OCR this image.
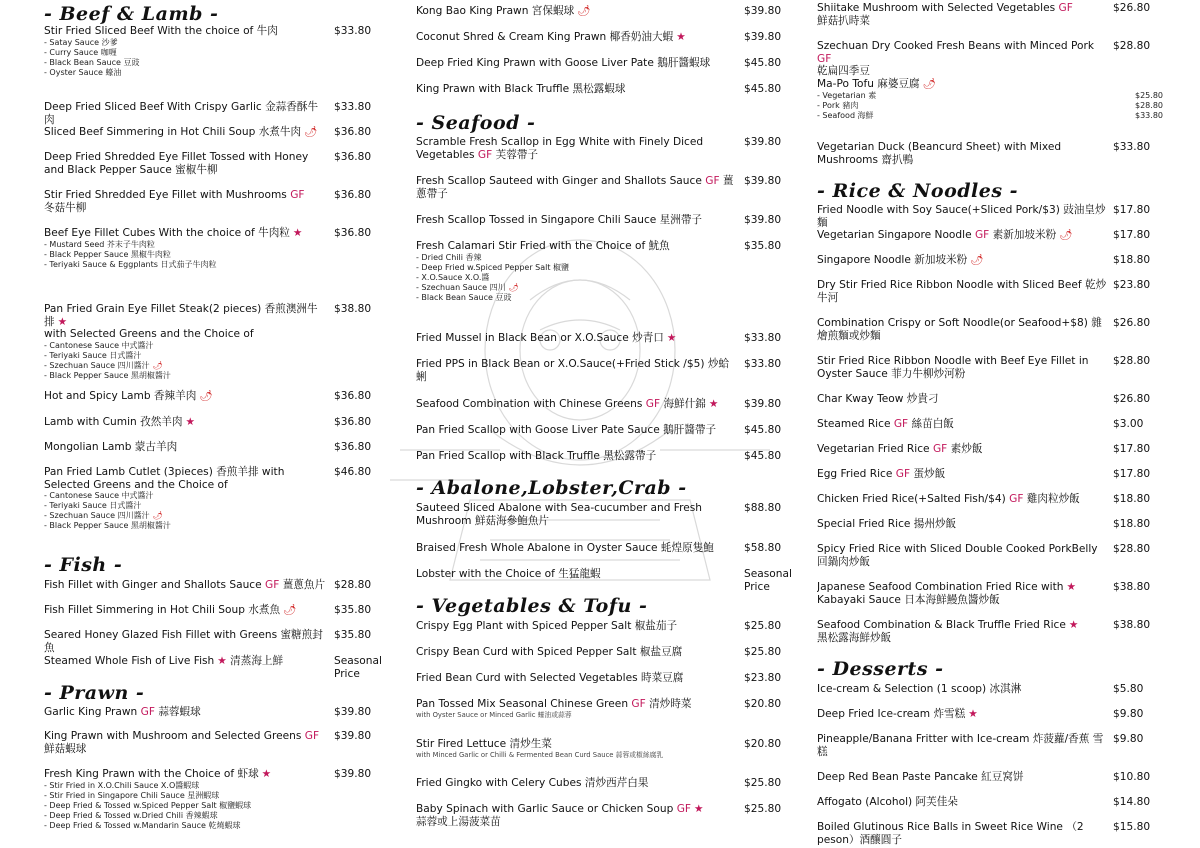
- Beef & Lamb -
Stir Fried Sliced Beef With the choice of 牛肉	$33.80
- Satay Sauce 沙爹
- Curry Sauce 咖喱
- Black Bean Sauce 豆豉
- Oyster Sauce 蠔油
Deep Fried Sliced Beef With Crispy Garlic 金蒜香酥牛肉
$33.80
Sliced Beef Simmering in Hot Chili Soup 水煮牛肉 🌶	$36.80
Deep Fried Shredded Eye Fillet Tossed with Honey and Black Pepper Sauce 蜜椒牛柳
$36.80
Stir Fried Shredded Eye Fillet with Mushrooms GF
冬菇牛柳
$36.80
Beef Eye Fillet Cubes With the choice of 牛肉粒 ★	$36.80
- Mustard Seed 芥末子牛肉粒
- Black Pepper Sauce 黑椒牛肉粒
- Teriyaki Sauce & Eggplants 日式茄子牛肉粒
Pan Fried Grain Eye Fillet Steak(2 pieces) 香煎澳洲牛排 ★
with Selected Greens and the Choice of
$38.80
- Cantonese Sauce 中式醬汁
- Teriyaki Sauce 日式醬汁
- Szechuan Sauce 四川醬汁 🌶
- Black Pepper Sauce 黑胡椒醬汁
Hot and Spicy Lamb 香辣羊肉 🌶	$36.80
Lamb with Cumin 孜然羊肉 ★	$36.80
Mongolian Lamb 蒙古羊肉	$36.80
Pan Fried Lamb Cutlet (3pieces) 香煎羊排 with Selected Greens and the Choice of
$46.80
- Cantonese Sauce 中式醬汁
- Teriyaki Sauce 日式醬汁
- Szechuan Sauce 四川醬汁 🌶
- Black Pepper Sauce 黑胡椒醬汁
- Fish -
Fish Fillet with Ginger and Shallots Sauce GF 薑蔥魚片 $28.80
Fish Fillet Simmering in Hot Chili Soup 水煮魚 🌶	$35.80
Seared Honey Glazed Fish Fillet with Greens 蜜糖煎封魚
$35.80
Steamed Whole Fish of Live Fish ★ 清蒸海上鮮	Seasonal Price
- Prawn -
Garlic King Prawn GF 蒜蓉蝦球	$39.80
King Prawn with Mushroom and Selected Greens GF 鮮菇蝦球
$39.80
Fresh King Prawn with the Choice of 虾球 ★	$39.80
- Stir Fried in X.O.Chili Sauce X.O醬蝦球
- Stir Fried in Singapore Chili Sauce 星洲蝦球
- Deep Fried & Tossed w.Spiced Pepper Salt 椒鹽蝦球
- Deep Fried & Tossed w.Dried Chili 香辣蝦球
- Deep Fried & Tossed w.Mandarin Sauce 乾燒蝦球
Kong Bao King Prawn 宮保蝦球 🌶	$39.80
Coconut Shred & Cream King Prawn 椰香奶油大蝦 ★	$39.80
Deep Fried King Prawn with Goose Liver Pate 鵝肝醬蝦球	$45.80
King Prawn with Black Truffle 黑松露蝦球	$45.80
- Seafood -
Scramble Fresh Scallop in Egg White with Finely Diced Vegetables GF 芙蓉帶子
$39.80
Fresh Scallop Sauteed with Ginger and Shallots Sauce GF 薑蔥帶子
$39.80
Fresh Scallop Tossed in Singapore Chili Sauce 星洲帶子	$39.80
Fresh Calamari Stir Fried with the Choice of 魷魚	$35.80
- Dried Chili 香辣
- Deep Fried w.Spiced Pepper Salt 椒鹽
- X.O.Sauce X.O.醬
- Szechuan Sauce 四川 🌶
- Black Bean Sauce 豆豉
Fried Mussel in Black Bean or X.O.Sauce 炒青口 ★	$33.80
Fried PPS in Black Bean or X.O.Sauce(+Fried Stick /$5) 炒蛤蜊
$33.80
Seafood Combination with Chinese Greens GF 海鮮什錦 ★	$39.80
Pan Fried Scallop with Goose Liver Pate Sauce 鵝肝醬帶子	$45.80
Pan Fried Scallop with Black Truffle 黑松露帶子	$45.80
- Abalone,Lobster,Crab -
Sauteed Sliced Abalone with Sea-cucumber and Fresh Mushroom 鮮菇海參鮑魚片
$88.80
Braised Fresh Whole Abalone in Oyster Sauce 蚝煌原隻鮑	$58.80
Lobster with the Choice of 生猛龍蝦	Seasonal Price
- Vegetables & Tofu -
Crispy Egg Plant with Spiced Pepper Salt 椒盐茄子	$25.80
Crispy Bean Curd with Spiced Pepper Salt 椒盐豆腐	$25.80
Fried Bean Curd with Selected Vegetables 時菜豆腐	$23.80
Pan Tossed Mix Seasonal Chinese Green GF 清炒時菜	$20.80
with Oyster Sauce or Minced Garlic 蠔油或蒜蓉
Stir Fired Lettuce 清炒生菜	$20.80
with Minced Garlic or Chilli & Fermented Bean Curd Sauce 蒜蓉或椒絲腐乳
Fried Gingko with Celery Cubes 清炒西芹白果	$25.80
Baby Spinach with Garlic Sauce or Chicken Soup GF ★
蒜蓉或上湯菠菜苗
$25.80
Shiitake Mushroom with Selected Vegetables GF
鮮菇扒時菜
$26.80
Szechuan Dry Cooked Fresh Beans with Minced Pork GF
乾扁四季豆
$28.80
Ma-Po Tofu 麻婆豆腐 🌶
- Vegetarian 素	$25.80
- Pork 豬肉	$28.80
- Seafood 海鮮	$33.80
Vegetarian Duck (Beancurd Sheet) with Mixed Mushrooms 齋扒鴨
$33.80
- Rice & Noodles -
Fried Noodle with Soy Sauce(+Sliced Pork/$3) 豉油皇炒麵
$17.80
Vegetarian Singapore Noodle GF 素新加坡米粉 🌶	$17.80
Singapore Noodle 新加坡米粉 🌶	$18.80
Dry Stir Fried Rice Ribbon Noodle with Sliced Beef 乾炒牛河
$23.80
Combination Crispy or Soft Noodle(or Seafood+$8) 雜燴煎麵或炒麵
$26.80
Stir Fried Rice Ribbon Noodle with Beef Eye Fillet in Oyster Sauce 菲力牛柳炒河粉
$28.80
Char Kway Teow 炒貴刁	$26.80
Steamed Rice GF 絲苗白飯	$3.00
Vegetarian Fried Rice GF 素炒飯	$17.80
Egg Fried Rice GF 蛋炒飯	$17.80
Chicken Fried Rice(+Salted Fish/$4) GF 雞肉粒炒飯	$18.80
Special Fried Rice 揚州炒飯	$18.80
Spicy Fried Rice with Sliced Double Cooked PorkBelly 回鍋肉炒飯
$28.80
Japanese Seafood Combination Fried Rice with ★
Kabayaki Sauce 日本海鮮鰻魚醬炒飯
$38.80
Seafood Combination & Black Truffle Fried Rice ★
黑松露海鮮炒飯
$38.80
- Desserts -
Ice-cream & Selection (1 scoop) 冰淇淋	$5.80
Deep Fried Ice-cream 炸雪糕 ★	$9.80
Pineapple/Banana Fritter with Ice-cream 炸菠蘿/香蕉 雪糕
$9.80
Deep Red Bean Paste Pancake 紅豆窝饼	$10.80
Affogato (Alcohol) 阿芙佳朵	$14.80
Boiled Glutinous Rice Balls in Sweet Rice Wine （2 peson）酒釀圓子
$15.80
